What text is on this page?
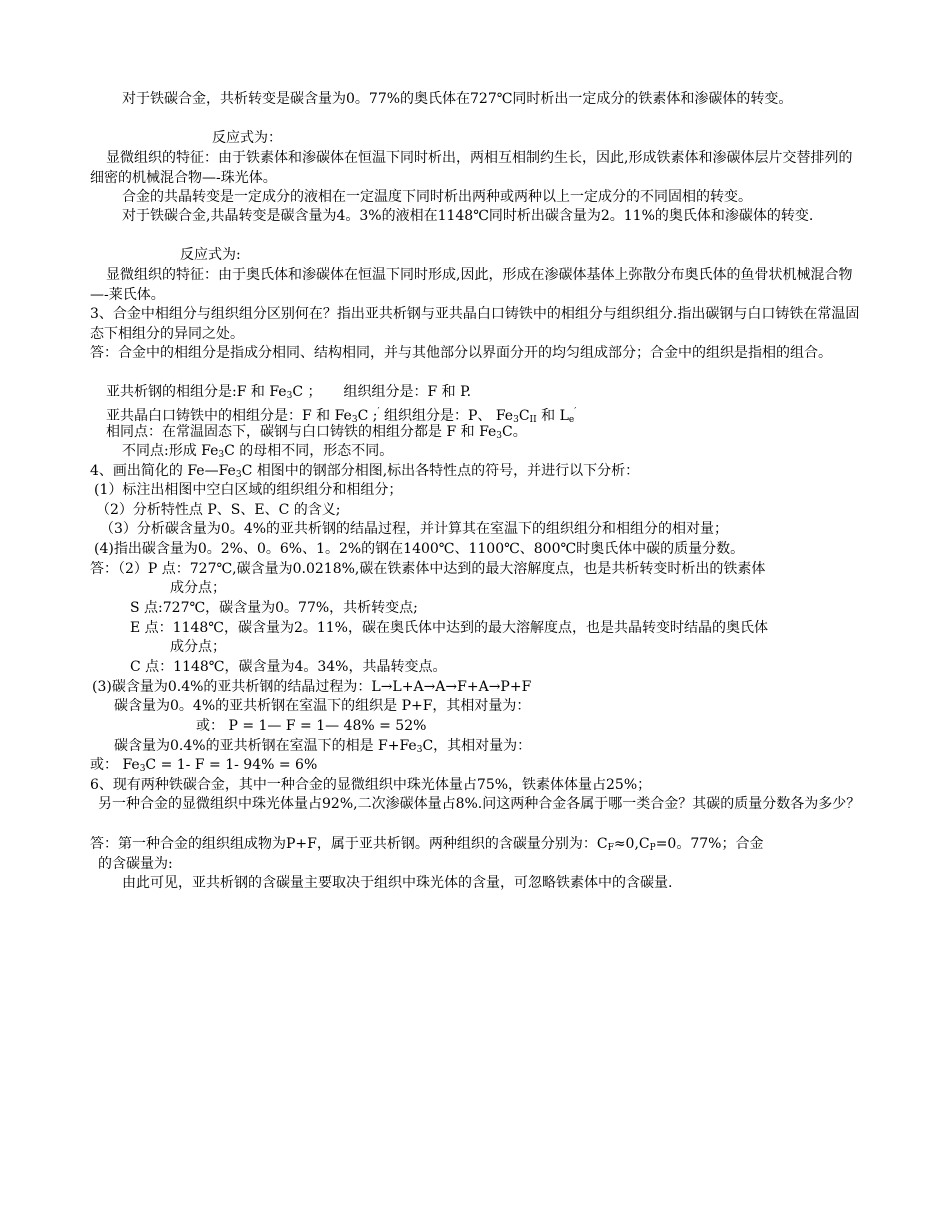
对于铁碳合金，共析转变是碳含量为0。77%的奥氏体在727℃同时析出一定成分的铁素体和渗碳体的转变。
反应式为：
显微组织的特征：由于铁素体和渗碳体在恒温下同时析出，两相互相制约生长，因此,形成铁素体和渗碳体层片交替排列的细密的机械混合物—-珠光体。
合金的共晶转变是一定成分的液相在一定温度下同时析出两种或两种以上一定成分的不同固相的转变。
对于铁碳合金,共晶转变是碳含量为4。3%的液相在1148℃同时析出碳含量为2。11%的奥氏体和渗碳体的转变.
反应式为:
显微组织的特征：由于奥氏体和渗碳体在恒温下同时形成,因此，形成在渗碳体基体上弥散分布奥氏体的鱼骨状机械混合物—-莱氏体。
3、合金中相组分与组织组分区别何在？指出亚共析钢与亚共晶白口铸铁中的相组分与组织组分.指出碳钢与白口铸铁在常温固态下相组分的异同之处。
答：合金中的相组分是指成分相同、结构相同，并与其他部分以界面分开的均匀组成部分；合金中的组织是指相的组合。
亚共析钢的相组分是:F 和 $Fe_3C$ ； 组织组分是：F 和 P.
亚共晶白口铸铁中的相组分是：F 和 $Fe_3C$ ;′ 组织组分是：P、 $Fe_3C_{II}$ 和 $L_e'$
相同点：在常温固态下，碳钢与白口铸铁的相组分都是 F 和 $Fe_3C$。
不同点:形成 $Fe_3C$ 的母相不同，形态不同。
4、画出简化的 $Fe—Fe_3C$ 相图中的钢部分相图,标出各特性点的符号，并进行以下分析：
(1）标注出相图中空白区域的组织组分和相组分；
（2）分析特性点 P、S、E、C 的含义;
（3）分析碳含量为0。4%的亚共析钢的结晶过程，并计算其在室温下的组织组分和相组分的相对量；
(4)指出碳含量为0。2%、0。6%、1。2%的钢在1400℃、1100℃、800℃时奥氏体中碳的质量分数。
答：（2）P 点：727℃,碳含量为0.0218%,碳在铁素体中达到的最大溶解度点，也是共析转变时析出的铁素体
成分点；
S 点:727℃，碳含量为0。77%，共析转变点;
E 点：1148℃，碳含量为2。11%，碳在奥氏体中达到的最大溶解度点，也是共晶转变时结晶的奥氏体
成分点；
C 点：1148℃，碳含量为4。34%，共晶转变点。
(3)碳含量为0.4%的亚共析钢的结晶过程为：L→L+A→A→F+A→P+F
碳含量为0。4%的亚共析钢在室温下的组织是 P+F，其相对量为：
或： P = 1— F = 1— 48% = 52%
碳含量为0.4%的亚共析钢在室温下的相是 $F+Fe_3C$，其相对量为：
或： $Fe_3C = 1-$ F = 1- 94% = 6%
6、现有两种铁碳合金，其中一种合金的显微组织中珠光体量占75%，铁素体体量占25%；
另一种合金的显微组织中珠光体量占92%,二次渗碳体量占8%.问这两种合金各属于哪一类合金？其碳的质量分数各为多少？
答：第一种合金的组织组成物为P+F，属于亚共析钢。两种组织的含碳量分别为：$C_F\approx 0,C_P=0$。77%；合金
的含碳量为:
由此可见，亚共析钢的含碳量主要取决于组织中珠光体的含量，可忽略铁素体中的含碳量.
